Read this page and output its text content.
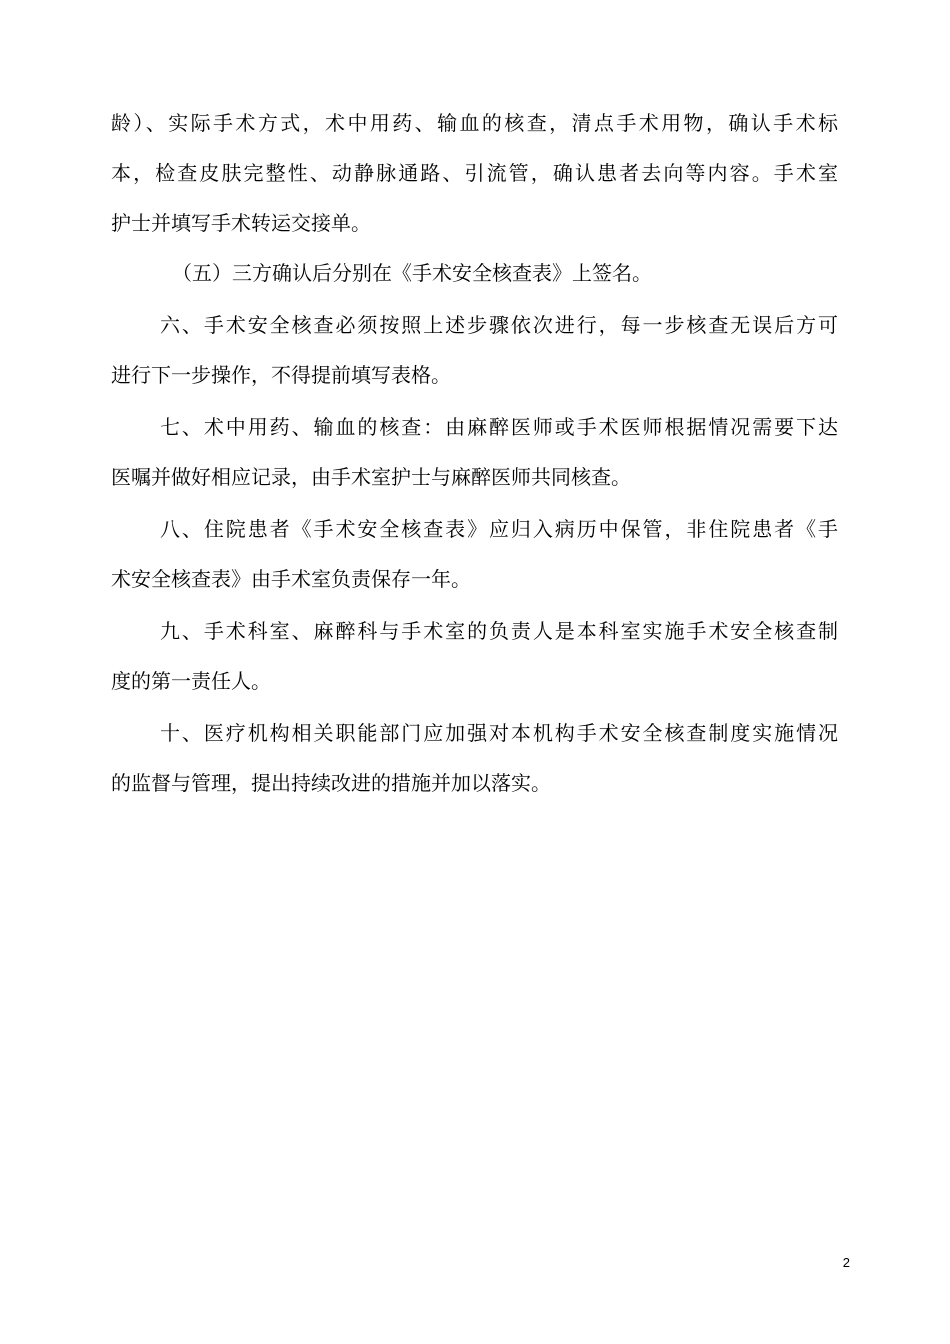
龄）、实际手术方式，术中用药、输血的核查，清点手术用物，确认手术标
本，检查皮肤完整性、动静脉通路、引流管，确认患者去向等内容。手术室
护士并填写手术转运交接单。
（五）三方确认后分别在《手术安全核查表》上签名。
六、手术安全核查必须按照上述步骤依次进行，每一步核查无误后方可
进行下一步操作，不得提前填写表格。
七、术中用药、输血的核查：由麻醉医师或手术医师根据情况需要下达
医嘱并做好相应记录，由手术室护士与麻醉医师共同核查。
八、住院患者《手术安全核查表》应归入病历中保管，非住院患者《手
术安全核查表》由手术室负责保存一年。
九、手术科室、麻醉科与手术室的负责人是本科室实施手术安全核查制
度的第一责任人。
十、医疗机构相关职能部门应加强对本机构手术安全核查制度实施情况
的监督与管理，提出持续改进的措施并加以落实。
2
